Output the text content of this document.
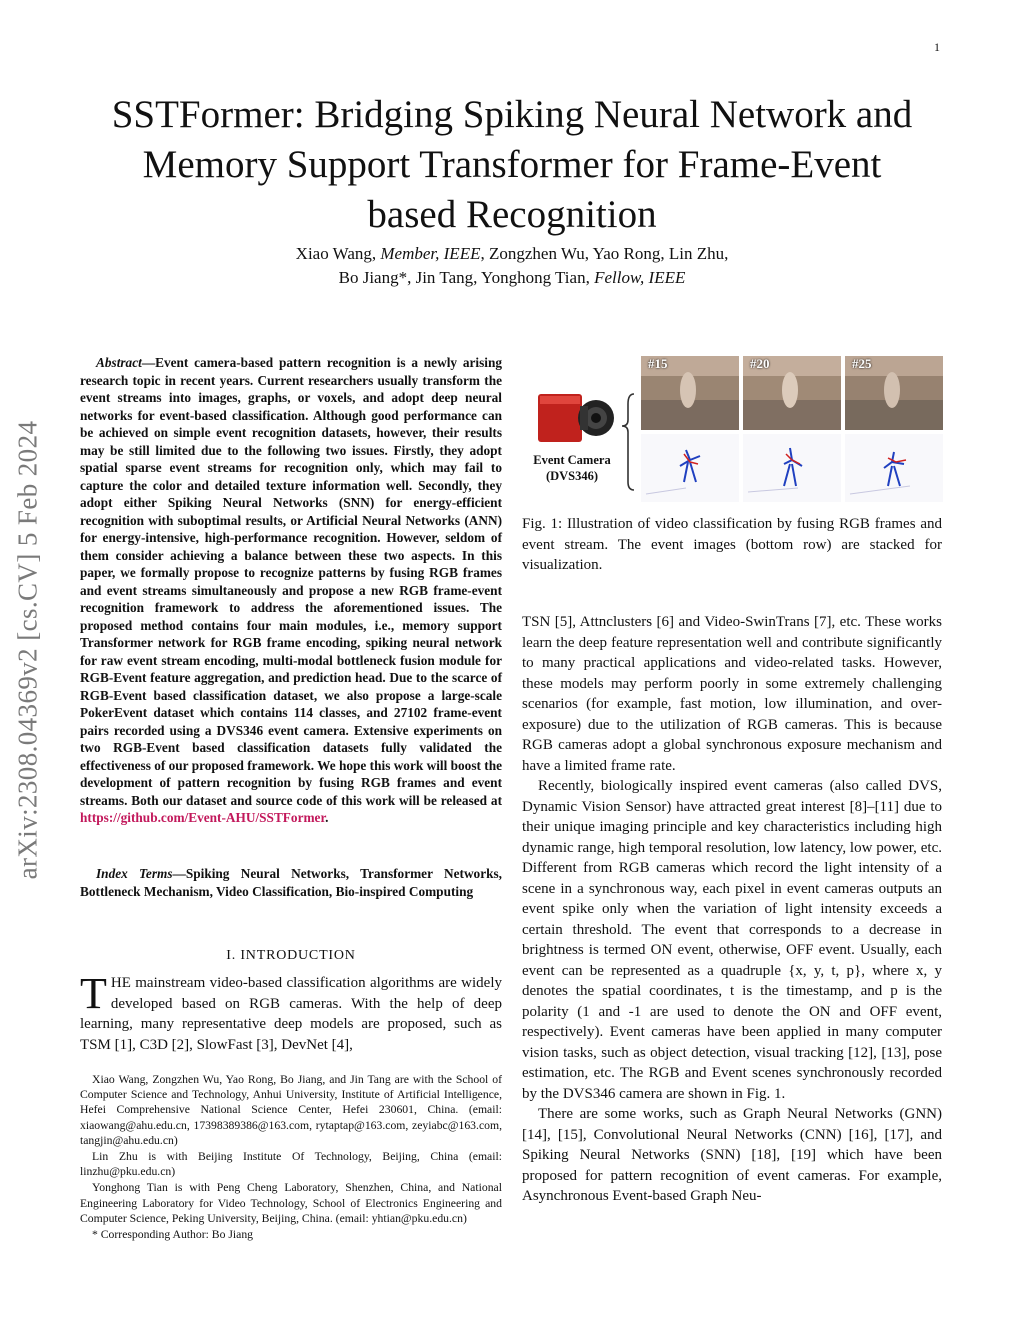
1
arXiv:2308.04369v2 [cs.CV] 5 Feb 2024
SSTFormer: Bridging Spiking Neural Network and
Memory Support Transformer for Frame-Event
based Recognition
Xiao Wang, Member, IEEE, Zongzhen Wu, Yao Rong, Lin Zhu,
Bo Jiang*, Jin Tang, Yonghong Tian, Fellow, IEEE
Abstract—Event camera-based pattern recognition is a newly arising research topic in recent years. Current researchers usually transform the event streams into images, graphs, or voxels, and adopt deep neural networks for event-based classification. Although good performance can be achieved on simple event recognition datasets, however, their results may be still limited due to the following two issues. Firstly, they adopt spatial sparse event streams for recognition only, which may fail to capture the color and detailed texture information well. Secondly, they adopt either Spiking Neural Networks (SNN) for energy-efficient recognition with suboptimal results, or Artificial Neural Networks (ANN) for energy-intensive, high-performance recognition. However, seldom of them consider achieving a balance between these two aspects. In this paper, we formally propose to recognize patterns by fusing RGB frames and event streams simultaneously and propose a new RGB frame-event recognition framework to address the aforementioned issues. The proposed method contains four main modules, i.e., memory support Transformer network for RGB frame encoding, spiking neural network for raw event stream encoding, multi-modal bottleneck fusion module for RGB-Event feature aggregation, and prediction head. Due to the scarce of RGB-Event based classification dataset, we also propose a large-scale PokerEvent dataset which contains 114 classes, and 27102 frame-event pairs recorded using a DVS346 event camera. Extensive experiments on two RGB-Event based classification datasets fully validated the effectiveness of our proposed framework. We hope this work will boost the development of pattern recognition by fusing RGB frames and event streams. Both our dataset and source code of this work will be released at https://github.com/Event-AHU/SSTFormer.
Index Terms—Spiking Neural Networks, Transformer Networks, Bottleneck Mechanism, Video Classification, Bio-inspired Computing
I. INTRODUCTION
THE mainstream video-based classification algorithms are widely developed based on RGB cameras. With the help of deep learning, many representative deep models are proposed, such as TSM [1], C3D [2], SlowFast [3], DevNet [4],

Xiao Wang, Zongzhen Wu, Yao Rong, Bo Jiang, and Jin Tang are with the School of Computer Science and Technology, Anhui University, Institute of Artificial Intelligence, Hefei Comprehensive National Science Center, Hefei 230601, China. (email: xiaowang@ahu.edu.cn, 17398389386@163.com, rytaptap@163.com, zeyiabc@163.com, tangjin@ahu.edu.cn)

Lin Zhu is with Beijing Institute Of Technology, Beijing, China (email: linzhu@pku.edu.cn)

Yonghong Tian is with Peng Cheng Laboratory, Shenzhen, China, and National Engineering Laboratory for Video Technology, School of Electronics Engineering and Computer Science, Peking University, Beijing, China. (email: yhtian@pku.edu.cn)

* Corresponding Author: Bo Jiang

#15	#20	#25
Event Camera
(DVS346)
Fig. 1: Illustration of video classification by fusing RGB frames and event stream. The event images (bottom row) are stacked for visualization.

TSN [5], Attnclusters [6] and Video-SwinTrans [7], etc. These works learn the deep feature representation well and contribute significantly to many practical applications and video-related tasks. However, these models may perform poorly in some extremely challenging scenarios (for example, fast motion, low illumination, and over-exposure) due to the utilization of RGB cameras. This is because RGB cameras adopt a global synchronous exposure mechanism and have a limited frame rate.

Recently, biologically inspired event cameras (also called DVS, Dynamic Vision Sensor) have attracted great interest [8]–[11] due to their unique imaging principle and key characteristics including high dynamic range, high temporal resolution, low latency, low power, etc. Different from RGB cameras which record the light intensity of a scene in a synchronous way, each pixel in event cameras outputs an event spike only when the variation of light intensity exceeds a certain threshold. The event that corresponds to a decrease in brightness is termed ON event, otherwise, OFF event. Usually, each event can be represented as a quadruple {x, y, t, p}, where x, y denotes the spatial coordinates, t is the timestamp, and p is the polarity (1 and -1 are used to denote the ON and OFF event, respectively). Event cameras have been applied in many computer vision tasks, such as object detection, visual tracking [12], [13], pose estimation, etc. The RGB and Event scenes synchronously recorded by the DVS346 camera are shown in Fig. 1.

There are some works, such as Graph Neural Networks (GNN) [14], [15], Convolutional Neural Networks (CNN) [16], [17], and Spiking Neural Networks (SNN) [18], [19] which have been proposed for pattern recognition of event cameras. For example, Asynchronous Event-based Graph Neu-
